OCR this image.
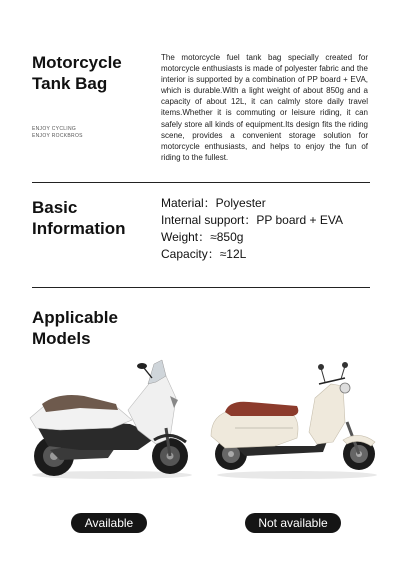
Motorcycle
Tank Bag
ENJOY CYCLING
ENJOY ROCKBROS
The motorcycle fuel tank bag specially created for motorcycle enthusiasts is made of polyester fabric and the interior is supported by a combination of PP board + EVA, which is durable.With a light weight of about 850g and a capacity of about 12L, it can calmly store daily travel items.Whether it is commuting or leisure riding, it can safely store all kinds of equipment.Its design fits the riding scene, provides a convenient storage solution for motorcycle enthusiasts, and helps to enjoy the fun of riding to the fullest.
Basic
Information
Material：Polyester
Internal support：PP board + EVA
Weight：≈850g
Capacity：≈12L
Applicable
Models
Available	Not available
